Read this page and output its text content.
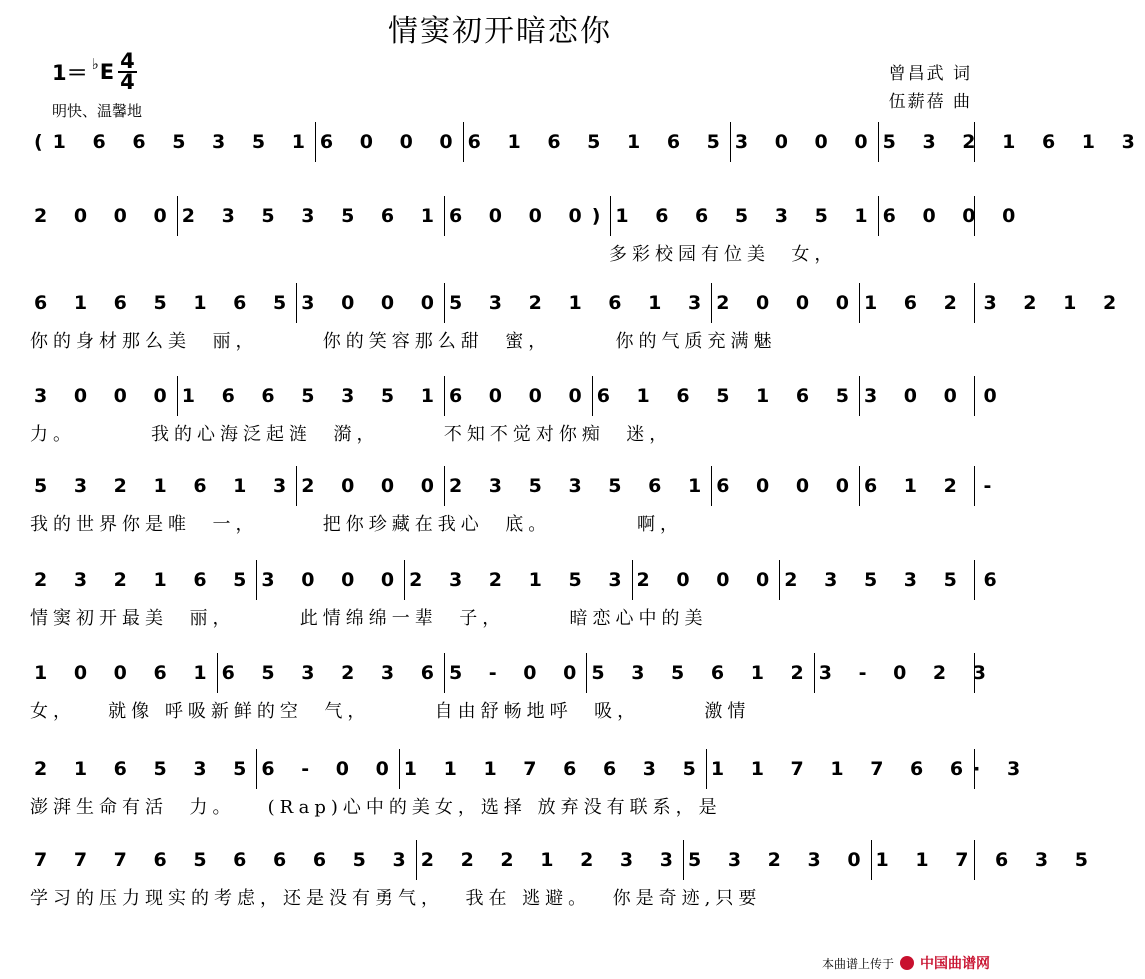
情窦初开暗恋你
1＝ ♭ E 4
4
明快、温馨地
曾昌武 词
伍薪蓓 曲
(1 6 6 5 3 5 1 6 0 0 0 6 1 6 5 1 6 5 3 0 0 0 5 3 2 1 6 1 3
2 0 0 0 2 3 5 3 5 6 1 6 0 0 0) 1 6 6 5 3 5 1 6 0 0 0
多彩校园有位美  女，
6 1 6 5 1 6 5 3 0 0 0 5 3 2 1 6 1 3 2 0 0 0 1 6 2 3 2 1 2
你的身材那么美  丽，      你的笑容那么甜  蜜，      你的气质充满魅
3 0 0 0 1 6 6 5 3 5 1 6 0 0 0 6 1 6 5 1 6 5 3 0 0 0
力。       我的心海泛起涟  漪，      不知不觉对你痴  迷，
5 3 2 1 6 1 3 2 0 0 0 2 3 5 3 5 6 1 6 0 0 0 6 1 2 -
我的世界你是唯  一，      把你珍藏在我心  底。        啊，
2 3 2 1 6 5 3 0 0 0 2 3 2 1 5 3 2 0 0 0 2 3 5 3 5 6
情窦初开最美  丽，      此情绵绵一辈  子，      暗恋心中的美
1 0 0 6 1 6 5 3 2 3 6 5 - 0 0 5 3 5 6 1 2 3 - 0 2 3
女，   就像 呼吸新鲜的空  气，      自由舒畅地呼  吸，      激情
2 1 6 5 3 5 6 - 0 0 1 1 1 7 6 6 3 5 1 1 7 1 7 6 6· 3
澎湃生命有活  力。   (Rap)心中的美女，选择 放弃没有联系，是
7 7 7 6 5 6 6 6 5 3 2 2 2 1 2 3 3 5 3 2 3 0 1 1 7 6 3 5
学习的压力现实的考虑，还是没有勇气，  我在 逃避。  你是奇迹,只要
本曲谱上传于 中国曲谱网
